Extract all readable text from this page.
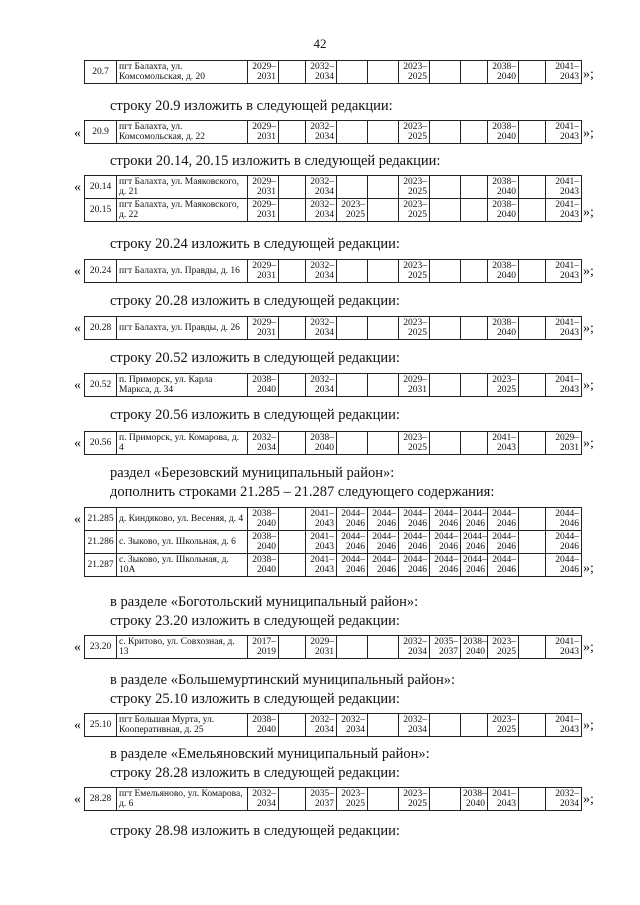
42
»;
20.7	пгт Балахта, ул. Комсомольская, д. 20	2029–2031		2032–2034			2023–2025			2038–2040		2041–2043
строку 20.9 изложить в следующей редакции:
« 20.9	пгт Балахта, ул. Комсомольская, д. 22	2029–2031		2032–2034			2023–2025			2038–2040		2041–2043 »;
строки 20.14, 20.15 изложить в следующей редакции:
« 20.14	пгт Балахта, ул. Маяковского, д. 21	2029–2031		2032–2034			2023–2025			2038–2040		2041–2043
20.15	пгт Балахта, ул. Маяковского, д. 22	2029–2031		2032–2034	2023–2025		2023–2025			2038–2040		2041–2043 »;
строку 20.24 изложить в следующей редакции:
« 20.24	пгт Балахта, ул. Правды, д. 16	2029–2031		2032–2034			2023–2025			2038–2040		2041–2043 »;
строку 20.28 изложить в следующей редакции:
« 20.28	пгт Балахта, ул. Правды, д. 26	2029–2031		2032–2034			2023–2025			2038–2040		2041–2043 »;
строку 20.52 изложить в следующей редакции:
« 20.52	п. Приморск, ул. Карла Маркса, д. 34	2038–2040		2032–2034			2029–2031			2023–2025		2041–2043 »;
строку 20.56 изложить в следующей редакции:
« 20.56	п. Приморск, ул. Комарова, д. 4	2032–2034		2038–2040			2023–2025			2041–2043		2029–2031 »;
раздел «Березовский муниципальный район»:
дополнить строками 21.285 – 21.287 следующего содержания:
« 21.285	д. Киндяково, ул. Весеняя, д. 4	2038–2040		2041–2043	2044–2046	2044–2046	2044–2046	2044–2046	2044–2046	2044–2046		2044–2046
21.286	с. Зыково, ул. Школьная, д. 6	2038–2040		2041–2043	2044–2046	2044–2046	2044–2046	2044–2046	2044–2046	2044–2046		2044–2046
21.287	с. Зыково, ул. Школьная, д. 10А	2038–2040		2041–2043	2044–2046	2044–2046	2044–2046	2044–2046	2044–2046	2044–2046		2044–2046 »;
в разделе «Боготольский муниципальный район»:
строку 23.20 изложить в следующей редакции:
« 23.20	с. Критово, ул. Совхозная, д. 13	2017–2019		2029–2031			2032–2034	2035–2037	2038–2040	2023–2025		2041–2043 »;
в разделе «Большемуртинский муниципальный район»:
строку 25.10 изложить в следующей редакции:
« 25.10	пгт Большая Мурта, ул. Кооперативная, д. 25	2038–2040		2032–2034	2032–2034		2032–2034			2023–2025		2041–2043 »;
в разделе «Емельяновский муниципальный район»:
строку 28.28 изложить в следующей редакции:
« 28.28	пгт Емельяново, ул. Комарова, д. 6	2032–2034		2035–2037	2023–2025		2023–2025		2038–2040	2041–2043		2032–2034 »;
строку 28.98 изложить в следующей редакции:
